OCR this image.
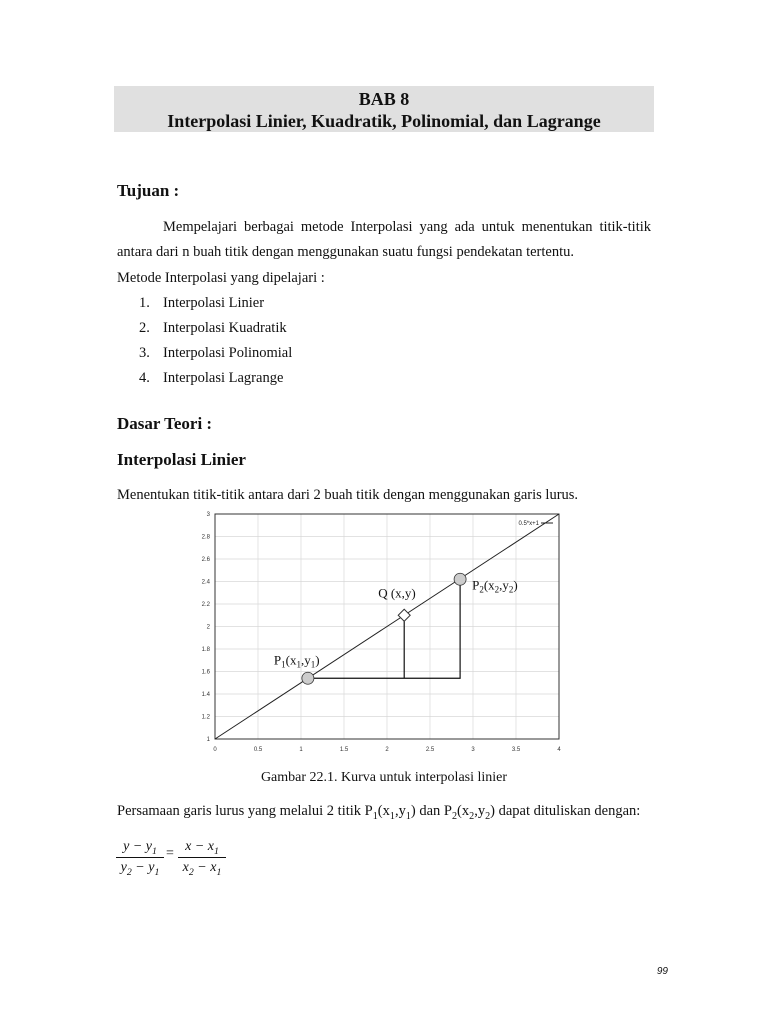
BAB 8
Interpolasi Linier, Kuadratik, Polinomial, dan Lagrange
Tujuan :
Mempelajari berbagai metode Interpolasi yang ada untuk menentukan titik-titik antara dari n buah titik dengan menggunakan suatu fungsi pendekatan tertentu.
Metode Interpolasi yang dipelajari :
1. Interpolasi Linier
2. Interpolasi Kuadratik
3. Interpolasi Polinomial
4. Interpolasi Lagrange
Dasar Teori :
Interpolasi Linier
Menentukan titik-titik antara dari 2 buah titik dengan menggunakan garis lurus.
1
1.2
1.4
1.6
1.8
2
2.2
2.4
2.6
2.8
3
0	0.5	1	1.5	2	2.5	3	3.5	4
0.5*x+1
$P_1(x_1,y_1)$
Q (x,y)
$P_2(x_2,y_2)$
Gambar 22.1. Kurva untuk interpolasi linier
Persamaan garis lurus yang melalui 2 titik $P_1(x_1,y_1)$ dan $P_2(x_2,y_2)$ dapat dituliskan dengan:
$y - y_1$
$y_2 - y_1$
= $x - x_1$
$x_2 - x_1$
99
